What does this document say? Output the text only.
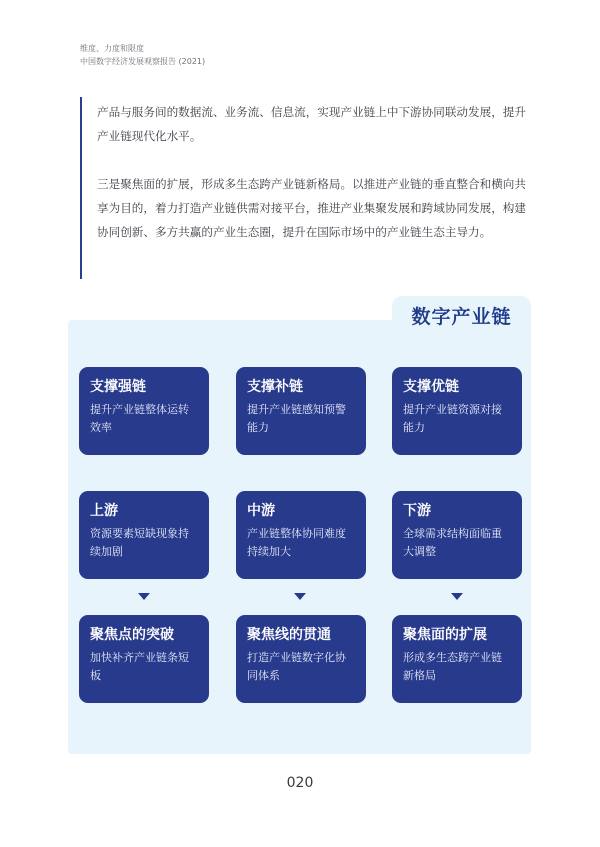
维度、力度和限度
中国数字经济发展观察报告 (2021)

产品与服务间的数据流、业务流、信息流，实现产业链上中下游协同联动发展，提升产业链现代化水平。

三是聚焦面的扩展，形成多生态跨产业链新格局。以推进产业链的垂直整合和横向共享为目的，着力打造产业链供需对接平台，推进产业集聚发展和跨域协同发展，构建协同创新、多方共赢的产业生态圈，提升在国际市场中的产业链生态主导力。

数字产业链
支撑强链
提升产业链整体运转效率
支撑补链
提升产业链感知预警能力
支撑优链
提升产业链资源对接能力
上游
资源要素短缺现象持续加剧
中游
产业链整体协同难度持续加大
下游
全球需求结构面临重大调整
聚焦点的突破
加快补齐产业链条短板
聚焦线的贯通
打造产业链数字化协同体系
聚焦面的扩展
形成多生态跨产业链新格局
020
